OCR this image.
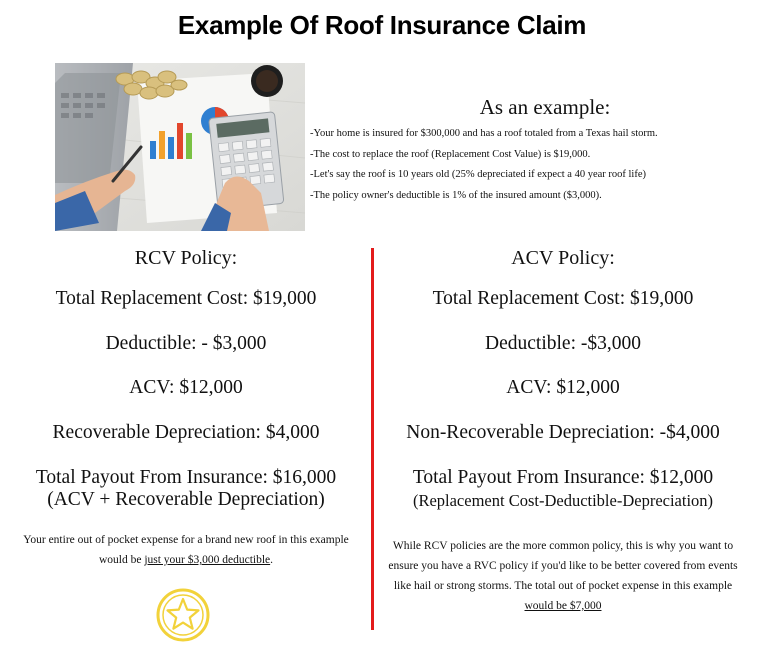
Example Of Roof Insurance Claim
As an example:
-Your home is insured for $300,000 and has a roof totaled from a Texas hail storm.
-The cost to replace the roof (Replacement Cost Value) is $19,000.
-Let's say the roof is 10 years old (25% depreciated if expect a 40 year roof life)
-The policy owner's deductible is 1% of the insured amount ($3,000).
RCV Policy:
Total Replacement Cost: $19,000
Deductible: - $3,000
ACV: $12,000
Recoverable Depreciation: $4,000
Total Payout From Insurance: $16,000
(ACV + Recoverable Depreciation)
Your entire out of pocket expense for a brand new roof in this example would be just your $3,000 deductible.
ACV Policy:
Total Replacement Cost: $19,000
Deductible: -$3,000
ACV: $12,000
Non-Recoverable Depreciation: -$4,000
Total Payout From Insurance: $12,000
(Replacement Cost-Deductible-Depreciation)
While RCV policies are the more common policy, this is why you want to ensure you have a RVC policy if you'd like to be better covered from events like hail or strong storms. The total out of pocket expense in this example would be $7,000
